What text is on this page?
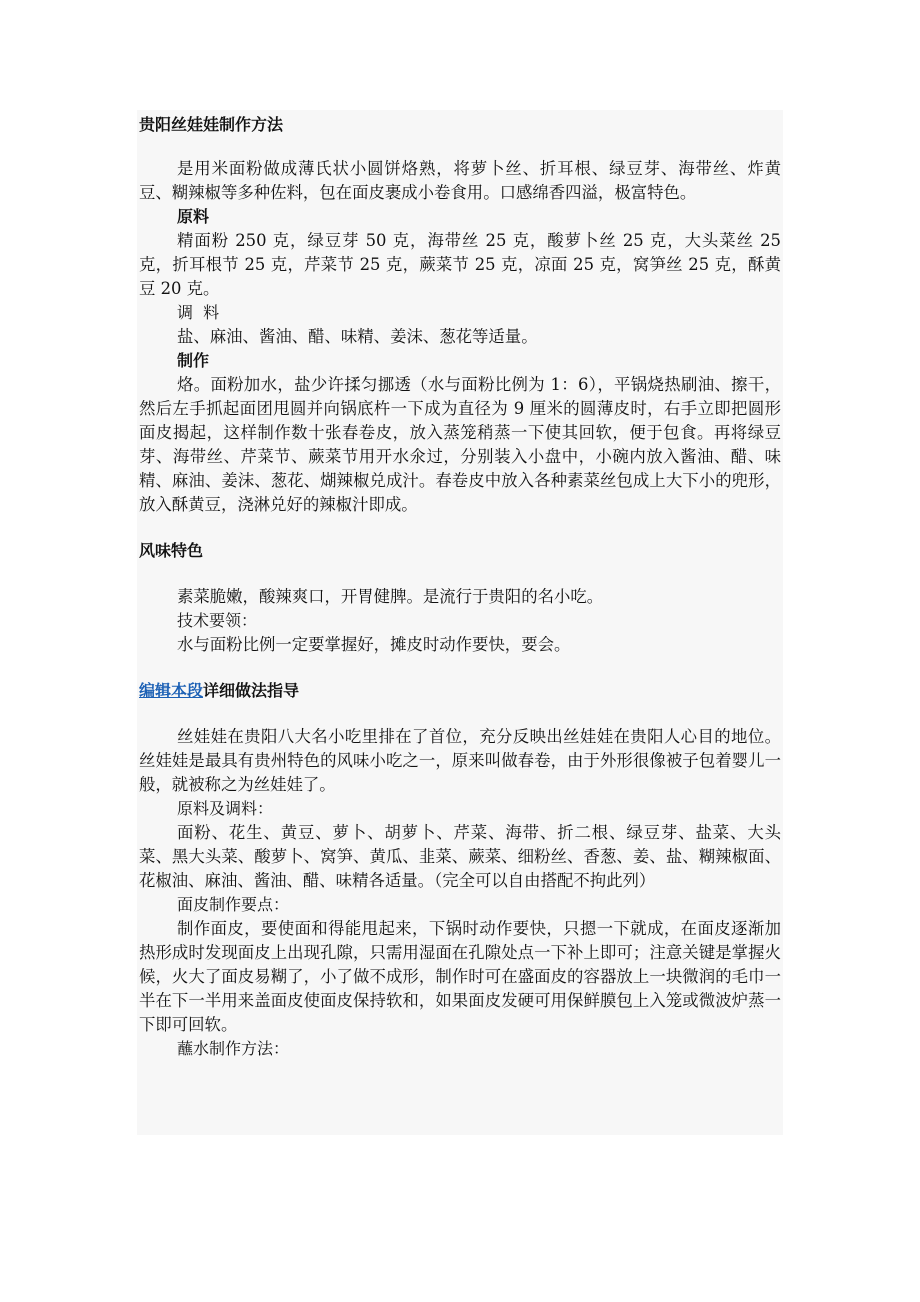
贵阳丝娃娃制作方法

是用米面粉做成薄氏状小圆饼烙熟，将萝卜丝、折耳根、绿豆芽、海带丝、炸黄豆、糊辣椒等多种佐料，包在面皮裹成小卷食用。口感绵香四溢，极富特色。

原料

精面粉 250 克，绿豆芽 50 克，海带丝 25 克，酸萝卜丝 25 克，大头菜丝 25 克，折耳根节 25 克，芹菜节 25 克，蕨菜节 25 克，凉面 25 克，窝笋丝 25 克，酥黄豆 20 克。

调  料

盐、麻油、酱油、醋、味精、姜沫、葱花等适量。

制作

烙。面粉加水，盐少许揉匀挪透（水与面粉比例为 1：6），平锅烧热刷油、擦干，然后左手抓起面团甩圆并向锅底杵一下成为直径为 9 厘米的圆薄皮时，右手立即把圆形面皮揭起，这样制作数十张春卷皮，放入蒸笼稍蒸一下使其回软，便于包食。再将绿豆芽、海带丝、芹菜节、蕨菜节用开水氽过，分别装入小盘中，小碗内放入酱油、醋、味精、麻油、姜沫、葱花、煳辣椒兑成汁。春卷皮中放入各种素菜丝包成上大下小的兜形，放入酥黄豆，浇淋兑好的辣椒汁即成。

风味特色

素菜脆嫩，酸辣爽口，开胃健脾。是流行于贵阳的名小吃。

技术要领：

水与面粉比例一定要掌握好，摊皮时动作要快，要会。

编辑本段详细做法指导

丝娃娃在贵阳八大名小吃里排在了首位，充分反映出丝娃娃在贵阳人心目的地位。丝娃娃是最具有贵州特色的风味小吃之一，原来叫做春卷，由于外形很像被子包着婴儿一般，就被称之为丝娃娃了。

原料及调料：

面粉、花生、黄豆、萝卜、胡萝卜、芹菜、海带、折二根、绿豆芽、盐菜、大头菜、黑大头菜、酸萝卜、窝笋、黄瓜、韭菜、蕨菜、细粉丝、香葱、姜、盐、糊辣椒面、花椒油、麻油、酱油、醋、味精各适量。（完全可以自由搭配不拘此列）

面皮制作要点：

制作面皮，要使面和得能甩起来，下锅时动作要快，只摁一下就成，在面皮逐渐加热形成时发现面皮上出现孔隙，只需用湿面在孔隙处点一下补上即可；注意关键是掌握火候，火大了面皮易糊了，小了做不成形，制作时可在盛面皮的容器放上一块微润的毛巾一半在下一半用来盖面皮使面皮保持软和，如果面皮发硬可用保鲜膜包上入笼或微波炉蒸一下即可回软。

蘸水制作方法：
